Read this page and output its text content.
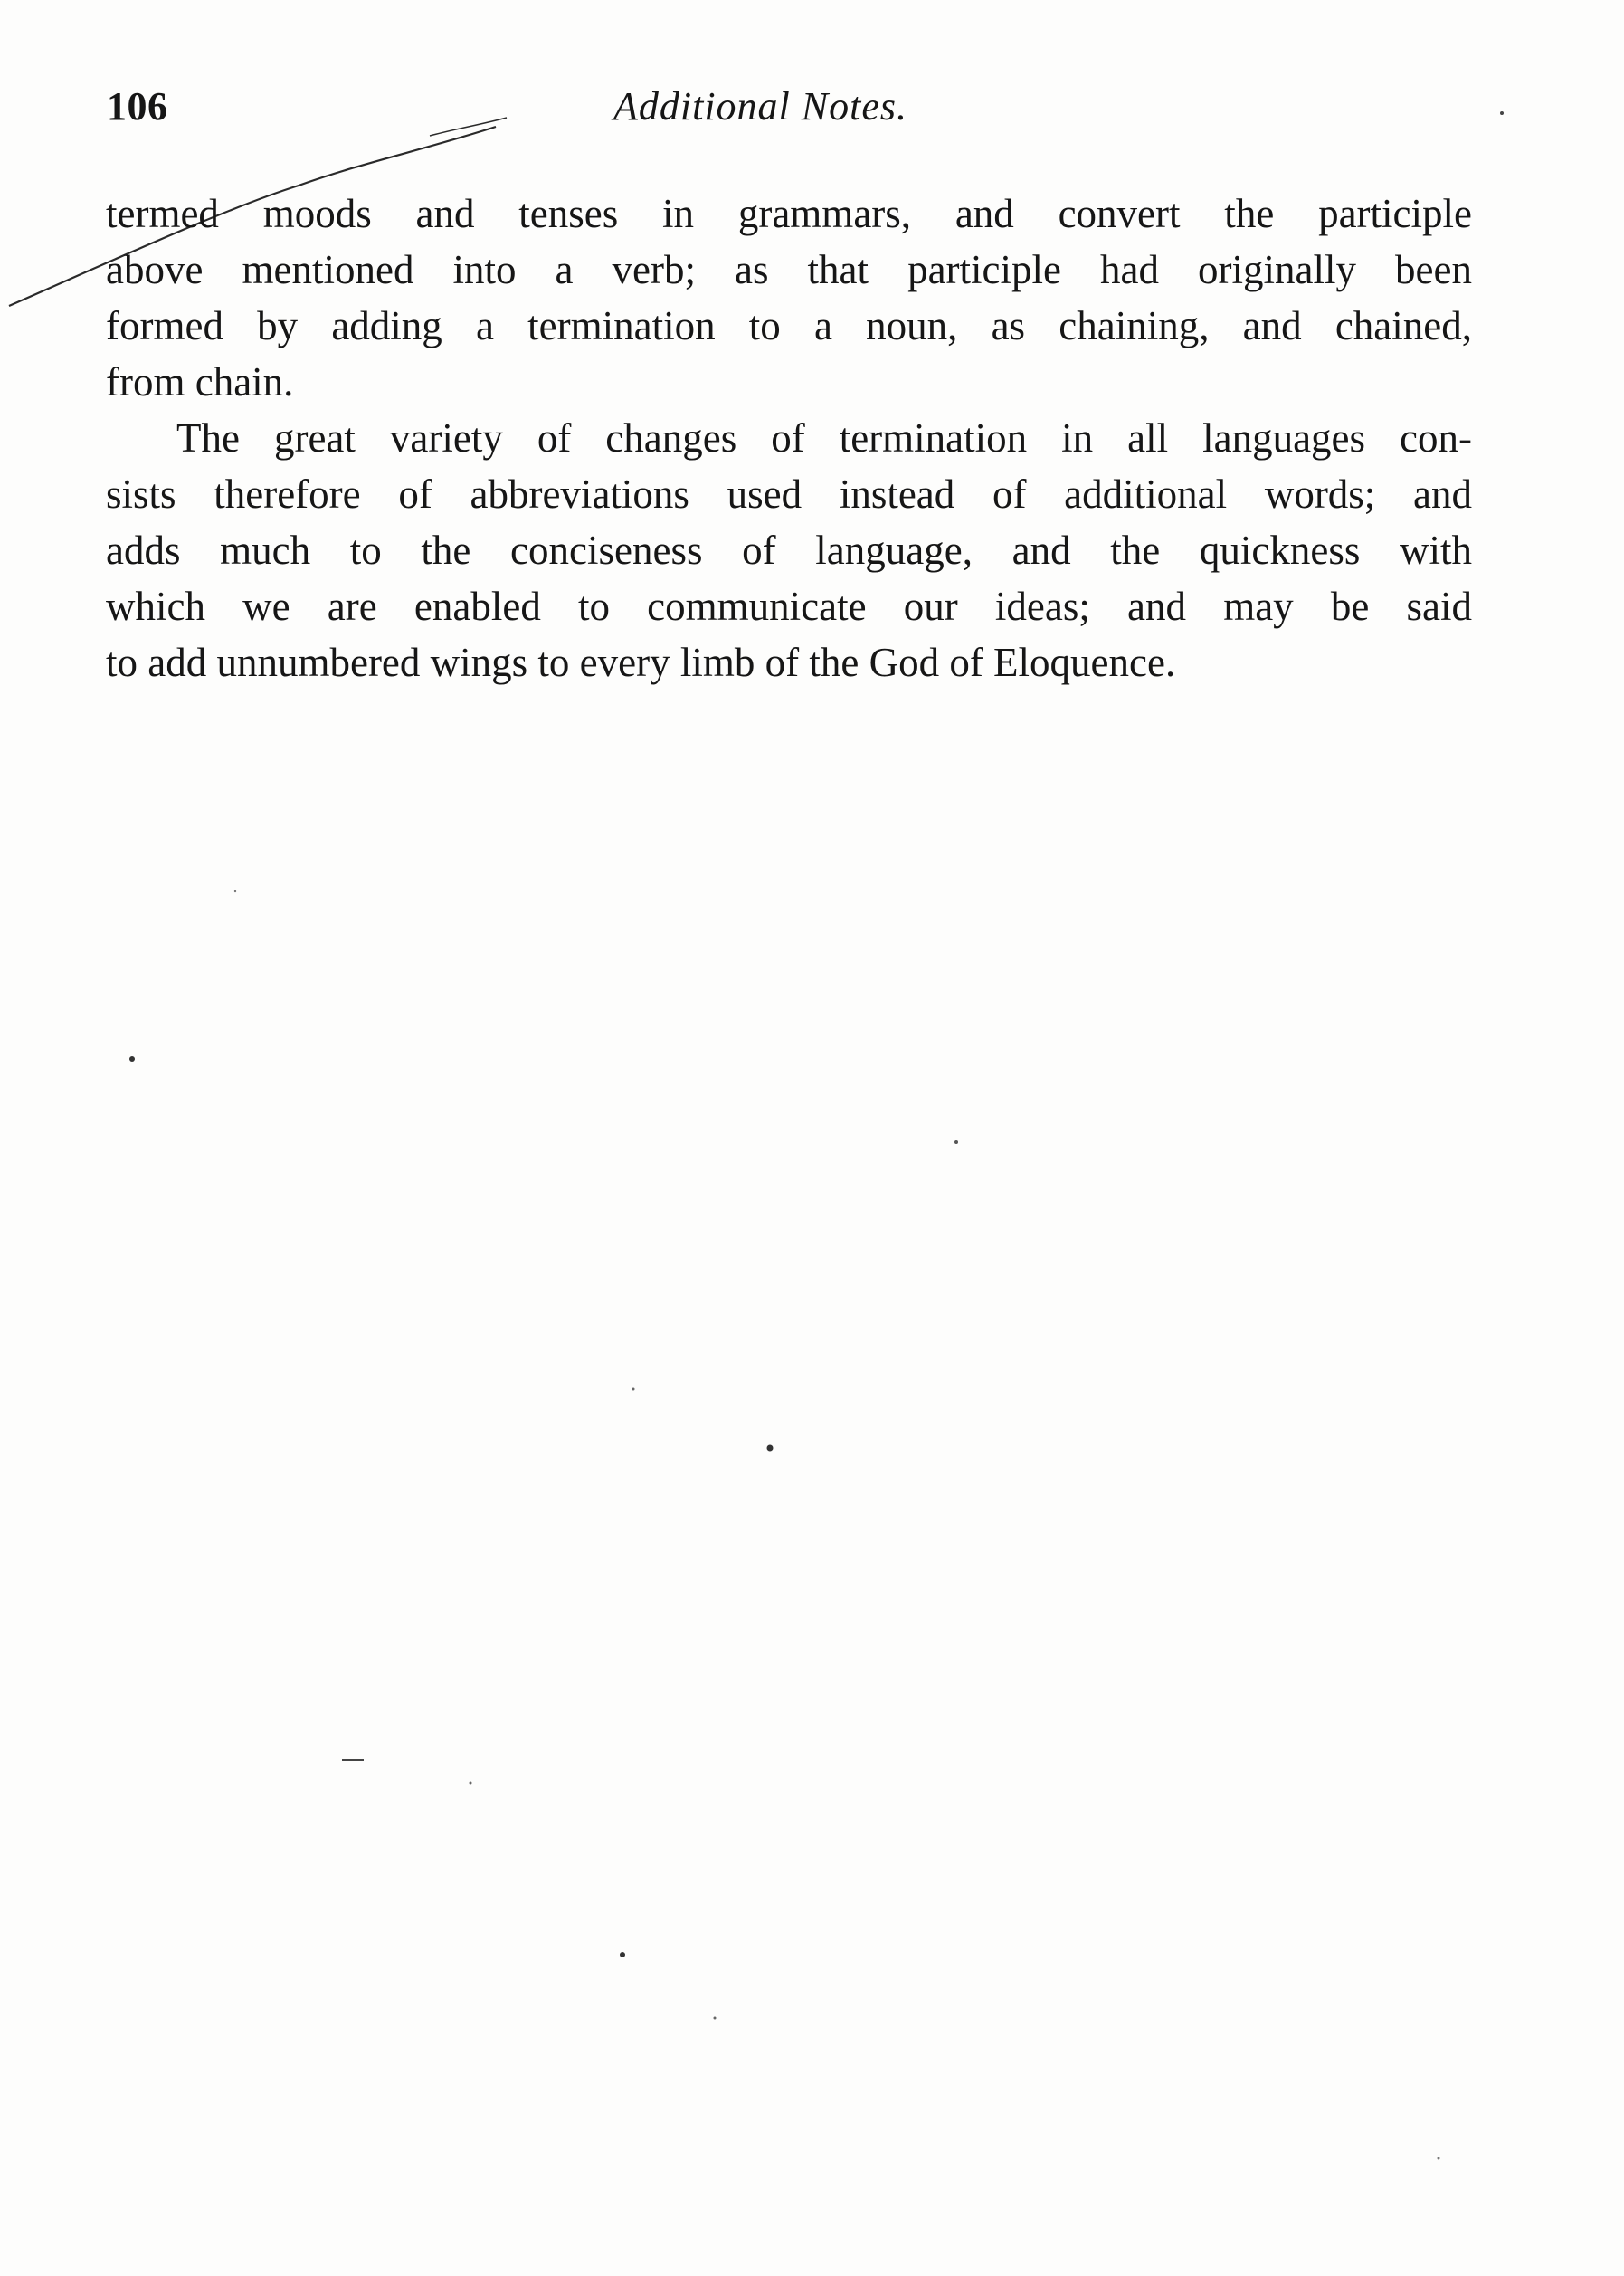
106	Additional Notes.
termed moods and tenses in grammars, and convert the participle
above mentioned into a verb; as that participle had originally been
formed by adding a termination to a noun, as chaining, and chained,
from chain.
The great variety of changes of termination in all languages con-
sists therefore of abbreviations used instead of additional words; and
adds much to the conciseness of language, and the quickness with
which we are enabled to communicate our ideas; and may be said
to add unnumbered wings to every limb of the God of Eloquence.
